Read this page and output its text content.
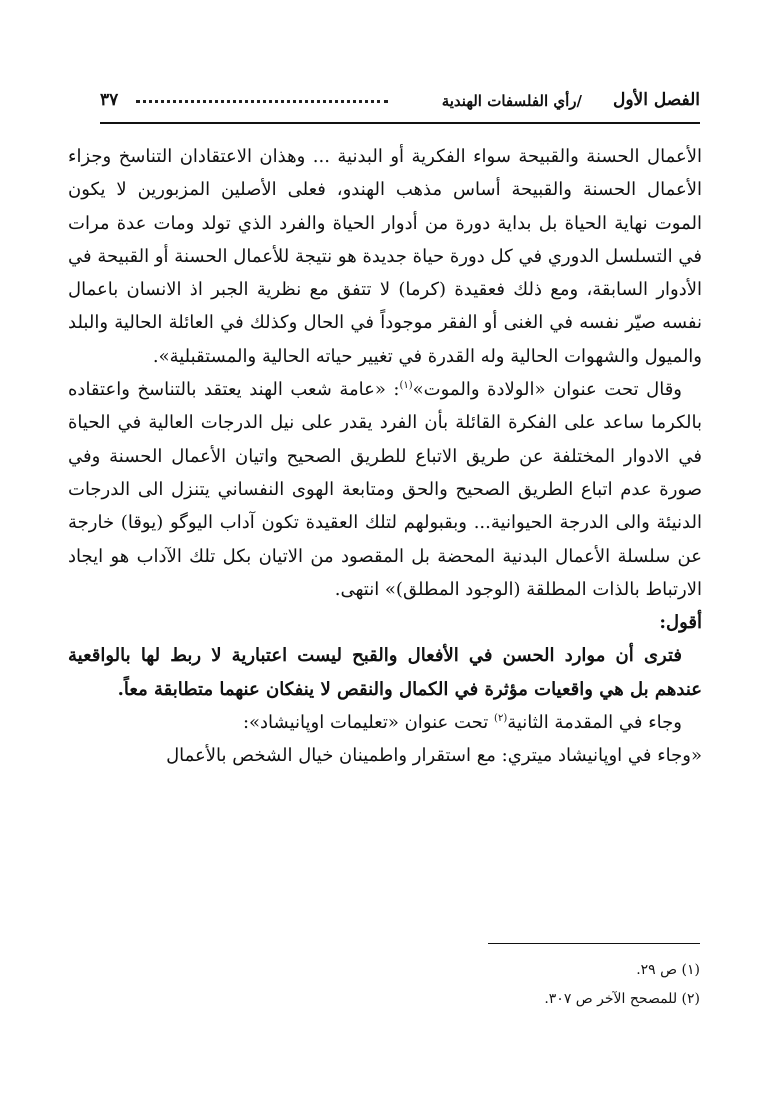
الفصل الأول
/رأي الفلسفات الهندية
٣٧

الأعمال الحسنة والقبيحة سواء الفكرية أو البدنية ... وهذان الاعتقادان التناسخ وجزاء الأعمال الحسنة والقبيحة أساس مذهب الهندو، فعلى الأصلين المزبورين لا يكون الموت نهاية الحياة بل بداية دورة من أدوار الحياة والفرد الذي تولد ومات عدة مرات في التسلسل الدوري في كل دورة حياة جديدة هو نتيجة للأعمال الحسنة أو القبيحة في الأدوار السابقة، ومع ذلك فعقيدة (كرما) لا تتفق مع نظرية الجبر اذ الانسان باعمال نفسه صيّر نفسه في الغنى أو الفقر موجوداً في الحال وكذلك في العائلة الحالية والبلد والميول والشهوات الحالية وله القدرة في تغيير حياته الحالية والمستقبلية».

وقال تحت عنوان «الولادة والموت»$^{(١)}$: «عامة شعب الهند يعتقد بالتناسخ واعتقاده بالكرما ساعد على الفكرة القائلة بأن الفرد يقدر على نيل الدرجات العالية في الحياة في الادوار المختلفة عن طريق الاتباع للطريق الصحيح واتيان الأعمال الحسنة وفي صورة عدم اتباع الطريق الصحيح والحق ومتابعة الهوى النفساني يتنزل الى الدرجات الدنيئة والى الدرجة الحيوانية... وبقبولهم لتلك العقيدة تكون آداب اليوگو (يوقا) خارجة عن سلسلة الأعمال البدنية المحضة بل المقصود من الاتيان بكل تلك الآداب هو ايجاد الارتباط بالذات المطلقة (الوجود المطلق)» انتهى.

أقول:

فترى أن موارد الحسن في الأفعال والقبح ليست اعتبارية لا ربط لها بالواقعية عندهم بل هي واقعيات مؤثرة في الكمال والنقص لا ينفكان عنهما متطابقة معاً.

وجاء في المقدمة الثانية$^{(٢)}$ تحت عنوان «تعليمات اوپانيشاد»:

«وجاء في اوپانيشاد ميتري: مع استقرار واطمينان خيال الشخص بالأعمال

(١) ص ٢٩.
(٢) للمصحح الآخر ص ٣٠٧.
